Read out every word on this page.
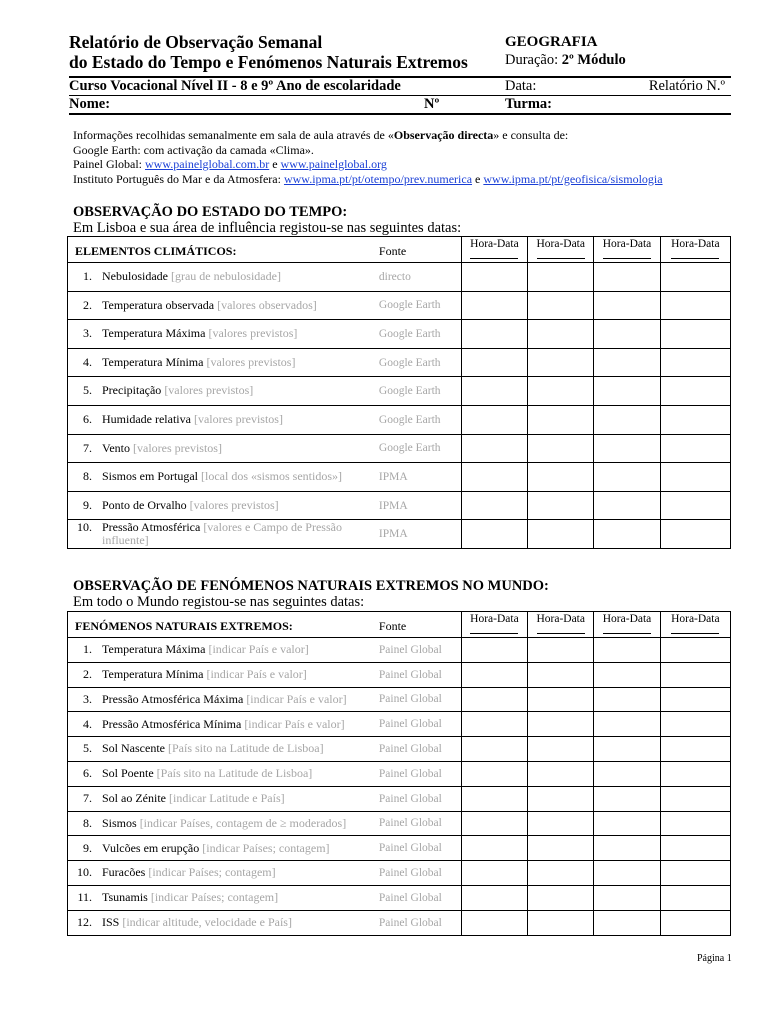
Relatório de Observação Semanal
do Estado do Tempo e Fenómenos Naturais Extremos
GEOGRAFIA
Duração: 2º Módulo
Curso Vocacional Nível II - 8 e 9º Ano de escolaridade	Data:	Relatório N.º
Nome:	Nº	Turma:
Informações recolhidas semanalmente em sala de aula através de «Observação directa» e consulta de:
Google Earth: com activação da camada «Clima».
Painel Global: www.painelglobal.com.br e www.painelglobal.org
Instituto Português do Mar e da Atmosfera: www.ipma.pt/pt/otempo/prev.numerica e www.ipma.pt/pt/geofisica/sismologia
OBSERVAÇÃO DO ESTADO DO TEMPO:
Em Lisboa e sua área de influência registou-se nas seguintes datas:
ELEMENTOS CLIMÁTICOS:	Fonte	Hora-Data	Hora-Data	Hora-Data	Hora-Data

1. Nebulosidade [grau de nebulosidade]	directo				

2. Temperatura observada [valores observados]	Google Earth				

3. Temperatura Máxima [valores previstos]	Google Earth				

4. Temperatura Mínima [valores previstos]	Google Earth				

5. Precipitação [valores previstos]	Google Earth				

6. Humidade relativa [valores previstos]	Google Earth				

7. Vento [valores previstos]	Google Earth				

8. Sismos em Portugal [local dos «sismos sentidos»]	IPMA				

9. Ponto de Orvalho [valores previstos]	IPMA				

10. Pressão Atmosférica [valores e Campo de Pressão influente]	IPMA				
OBSERVAÇÃO DE FENÓMENOS NATURAIS EXTREMOS NO MUNDO:
Em todo o Mundo registou-se nas seguintes datas:
FENÓMENOS NATURAIS EXTREMOS:	Fonte	Hora-Data	Hora-Data	Hora-Data	Hora-Data

1. Temperatura Máxima [indicar País e valor]	Painel Global				

2. Temperatura Mínima [indicar País e valor]	Painel Global				

3. Pressão Atmosférica Máxima [indicar País e valor]	Painel Global				

4. Pressão Atmosférica Mínima [indicar País e valor]	Painel Global				

5. Sol Nascente [País sito na Latitude de Lisboa]	Painel Global				

6. Sol Poente [País sito na Latitude de Lisboa]	Painel Global				

7. Sol ao Zénite [indicar Latitude e País]	Painel Global				

8. Sismos [indicar Países, contagem de ≥ moderados]	Painel Global				

9. Vulcões em erupção [indicar Países; contagem]	Painel Global				

10. Furacões [indicar Países; contagem]	Painel Global				

11. Tsunamis [indicar Países; contagem]	Painel Global				

12. ISS [indicar altitude, velocidade e País]	Painel Global				
Página 1
